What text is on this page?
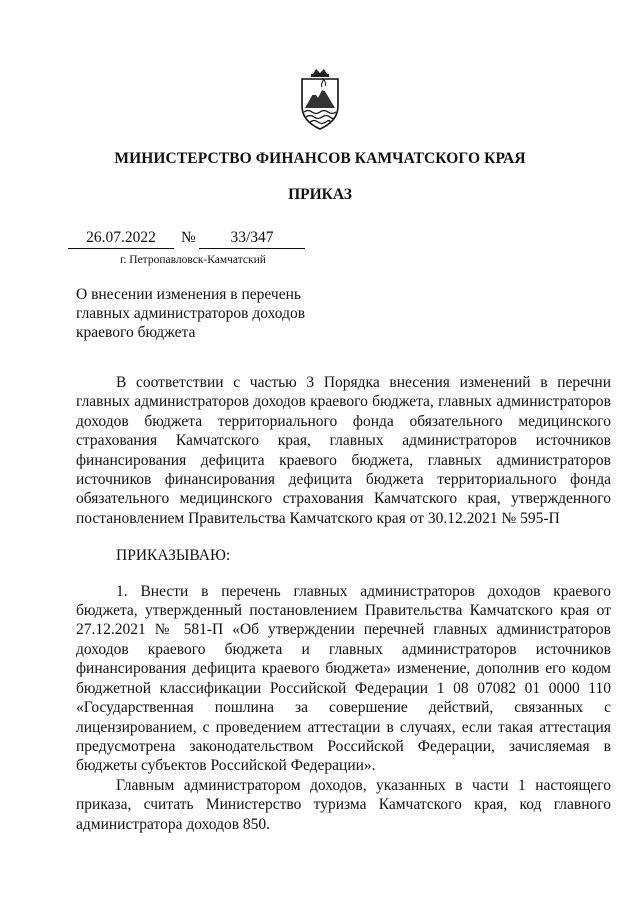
МИНИСТЕРСТВО ФИНАНСОВ КАМЧАТСКОГО КРАЯ
ПРИКАЗ
26.07.2022	№	33/347
г. Петропавловск-Камчатский
О внесении изменения в перечень главных администраторов доходов краевого бюджета

В соответствии с частью 3 Порядка внесения изменений в перечни главных администраторов доходов краевого бюджета, главных администраторов доходов бюджета территориального фонда обязательного медицинского страхования Камчатского края, главных администраторов источников финансирования дефицита краевого бюджета, главных администраторов источников финансирования дефицита бюджета территориального фонда обязательного медицинского страхования Камчатского края, утвержденного постановлением Правительства Камчатского края от 30.12.2021 № 595-П

ПРИКАЗЫВАЮ:

1. Внести в перечень главных администраторов доходов краевого бюджета, утвержденный постановлением Правительства Камчатского края от 27.12.2021 № 581-П «Об утверждении перечней главных администраторов доходов краевого бюджета и главных администраторов источников финансирования дефицита краевого бюджета» изменение, дополнив его кодом бюджетной классификации Российской Федерации 1 08 07082 01 0000 110 «Государственная пошлина за совершение действий, связанных с лицензированием, с проведением аттестации в случаях, если такая аттестация предусмотрена законодательством Российской Федерации, зачисляемая в бюджеты субъектов Российской Федерации».

Главным администратором доходов, указанных в части 1 настоящего приказа, считать Министерство туризма Камчатского края, код главного администратора доходов 850.
